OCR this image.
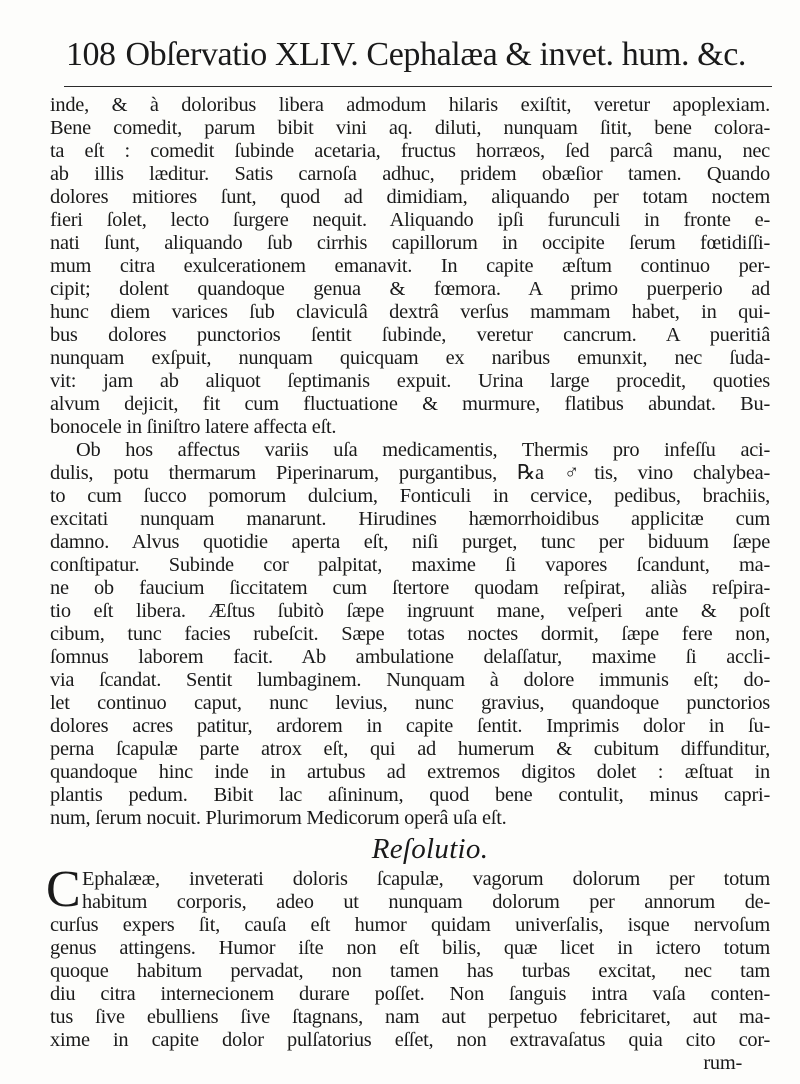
108 Obſervatio XLIV. Cephalæa & invet. hum. &c.
inde, & à doloribus libera admodum hilaris exiſtit, veretur apoplexiam.
Bene comedit, parum bibit vini aq. diluti, nunquam ſitit, bene colora-
ta eſt : comedit ſubinde acetaria, fructus horræos, ſed parcâ manu, nec
ab illis læditur. Satis carnoſa adhuc, pridem obæſior tamen. Quando
dolores mitiores ſunt, quod ad dimidiam, aliquando per totam noctem
fieri ſolet, lecto ſurgere nequit. Aliquando ipſi furunculi in fronte e-
nati ſunt, aliquando ſub cirrhis capillorum in occipite ſerum fœtidiſſi-
mum citra exulcerationem emanavit. In capite æſtum continuo per-
cipit; dolent quandoque genua & fœmora. A primo puerperio ad
hunc diem varices ſub claviculâ dextrâ verſus mammam habet, in qui-
bus dolores punctorios ſentit ſubinde, veretur cancrum. A pueritiâ
nunquam exſpuit, nunquam quicquam ex naribus emunxit, nec ſuda-
vit: jam ab aliquot ſeptimanis expuit. Urina large procedit, quoties
alvum dejicit, fit cum fluctuatione & murmure, flatibus abundat. Bu-
bonocele in ſiniſtro latere affecta eſt.
Ob hos affectus variis uſa medicamentis, Thermis pro infeſſu aci-
dulis, potu thermarum Piperinarum, purgantibus, ℞a ♂tis, vino chalybea-
to cum ſucco pomorum dulcium, Fonticuli in cervice, pedibus, brachiis,
excitati nunquam manarunt. Hirudines hæmorrhoidibus applicitæ cum
damno. Alvus quotidie aperta eſt, niſi purget, tunc per biduum ſæpe
conſtipatur. Subinde cor palpitat, maxime ſi vapores ſcandunt, ma-
ne ob faucium ſiccitatem cum ſtertore quodam reſpirat, aliàs reſpira-
tio eſt libera. Æſtus ſubitò ſæpe ingruunt mane, veſperi ante & poſt
cibum, tunc facies rubeſcit. Sæpe totas noctes dormit, ſæpe fere non,
ſomnus laborem facit. Ab ambulatione delaſſatur, maxime ſi accli-
via ſcandat. Sentit lumbaginem. Nunquam à dolore immunis eſt; do-
let continuo caput, nunc levius, nunc gravius, quandoque punctorios
dolores acres patitur, ardorem in capite ſentit. Imprimis dolor in ſu-
perna ſcapulæ parte atrox eſt, qui ad humerum & cubitum diffunditur,
quandoque hinc inde in artubus ad extremos digitos dolet : æſtuat in
plantis pedum. Bibit lac aſininum, quod bene contulit, minus capri-
num, ſerum nocuit. Plurimorum Medicorum operâ uſa eſt.
Reſolutio.
C Ephalææ, inveterati doloris ſcapulæ, vagorum dolorum per totum
habitum corporis, adeo ut nunquam dolorum per annorum de-
curſus expers ſit, cauſa eſt humor quidam univerſalis, isque nervoſum
genus attingens. Humor iſte non eſt bilis, quæ licet in ictero totum
quoque habitum pervadat, non tamen has turbas excitat, nec tam
diu citra internecionem durare poſſet. Non ſanguis intra vaſa conten-
tus ſive ebulliens ſive ſtagnans, nam aut perpetuo febricitaret, aut ma-
xime in capite dolor pulſatorius eſſet, non extravaſatus quia cito cor-
rum-
